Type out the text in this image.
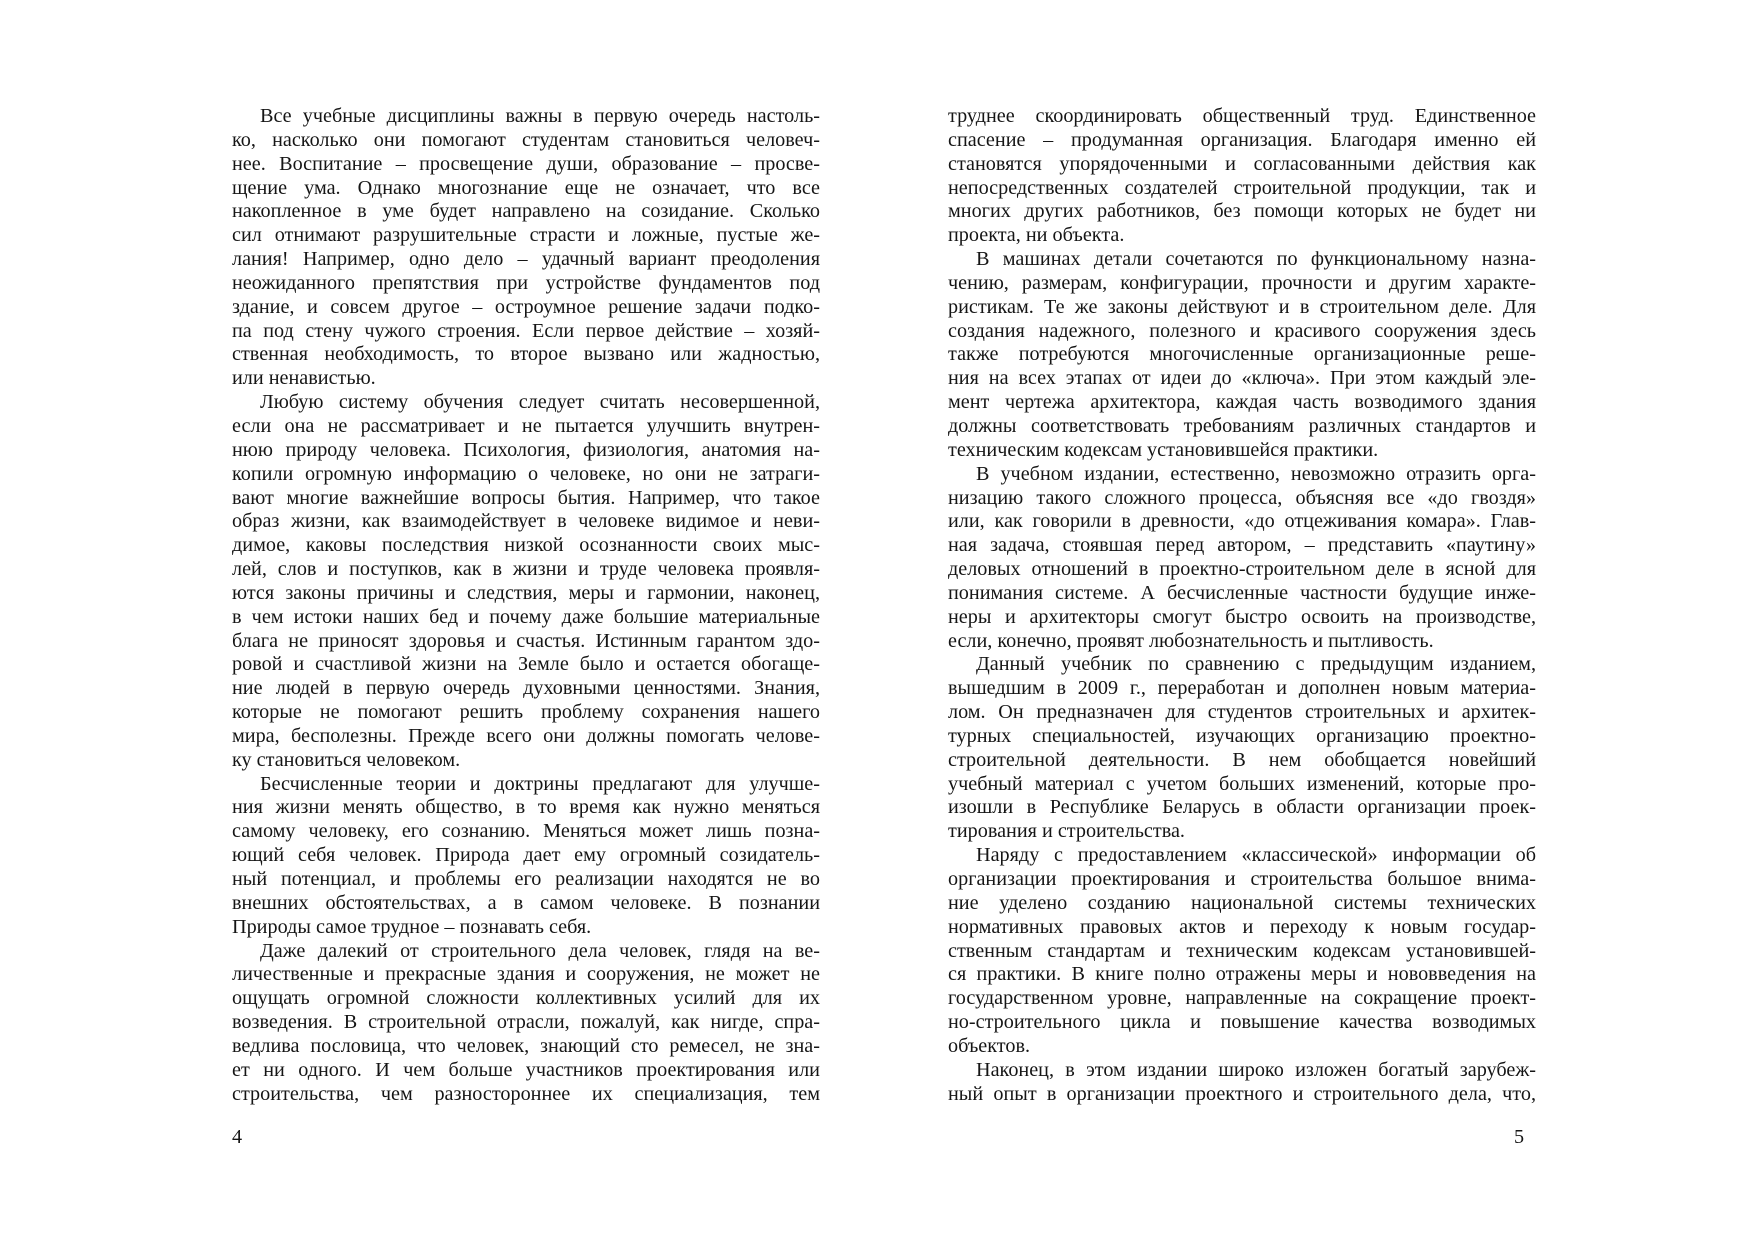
Все учебные дисциплины важны в первую очередь настоль-
ко, насколько они помогают студентам становиться человеч-
нее. Воспитание – просвещение души, образование – просве-
щение ума. Однако многознание еще не означает, что все
накопленное в уме будет направлено на созидание. Сколько
сил отнимают разрушительные страсти и ложные, пустые же-
лания! Например, одно дело – удачный вариант преодоления
неожиданного препятствия при устройстве фундаментов под
здание, и совсем другое – остроумное решение задачи подко-
па под стену чужого строения. Если первое действие – хозяй-
ственная необходимость, то второе вызвано или жадностью,
или ненавистью.
Любую систему обучения следует считать несовершенной,
если она не рассматривает и не пытается улучшить внутрен-
нюю природу человека. Психология, физиология, анатомия на-
копили огромную информацию о человеке, но они не затраги-
вают многие важнейшие вопросы бытия. Например, что такое
образ жизни, как взаимодействует в человеке видимое и неви-
димое, каковы последствия низкой осознанности своих мыс-
лей, слов и поступков, как в жизни и труде человека проявля-
ются законы причины и следствия, меры и гармонии, наконец,
в чем истоки наших бед и почему даже большие материальные
блага не приносят здоровья и счастья. Истинным гарантом здо-
ровой и счастливой жизни на Земле было и остается обогаще-
ние людей в первую очередь духовными ценностями. Знания,
которые не помогают решить проблему сохранения нашего
мира, бесполезны. Прежде всего они должны помогать челове-
ку становиться человеком.
Бесчисленные теории и доктрины предлагают для улучше-
ния жизни менять общество, в то время как нужно меняться
самому человеку, его сознанию. Меняться может лишь позна-
ющий себя человек. Природа дает ему огромный созидатель-
ный потенциал, и проблемы его реализации находятся не во
внешних обстоятельствах, а в самом человеке. В познании
Природы самое трудное – познавать себя.
Даже далекий от строительного дела человек, глядя на ве-
личественные и прекрасные здания и сооружения, не может не
ощущать огромной сложности коллективных усилий для их
возведения. В строительной отрасли, пожалуй, как нигде, спра-
ведлива пословица, что человек, знающий сто ремесел, не зна-
ет ни одного. И чем больше участников проектирования или
строительства, чем разностороннее их специализация, тем
4
труднее скоординировать общественный труд. Единственное
спасение – продуманная организация. Благодаря именно ей
становятся упорядоченными и согласованными действия как
непосредственных создателей строительной продукции, так и
многих других работников, без помощи которых не будет ни
проекта, ни объекта.
В машинах детали сочетаются по функциональному назна-
чению, размерам, конфигурации, прочности и другим характе-
ристикам. Те же законы действуют и в строительном деле. Для
создания надежного, полезного и красивого сооружения здесь
также потребуются многочисленные организационные реше-
ния на всех этапах от идеи до «ключа». При этом каждый эле-
мент чертежа архитектора, каждая часть возводимого здания
должны соответствовать требованиям различных стандартов и
техническим кодексам установившейся практики.
В учебном издании, естественно, невозможно отразить орга-
низацию такого сложного процесса, объясняя все «до гвоздя»
или, как говорили в древности, «до отцеживания комара». Глав-
ная задача, стоявшая перед автором, – представить «паутину»
деловых отношений в проектно-строительном деле в ясной для
понимания системе. А бесчисленные частности будущие инже-
неры и архитекторы смогут быстро освоить на производстве,
если, конечно, проявят любознательность и пытливость.
Данный учебник по сравнению с предыдущим изданием,
вышедшим в 2009 г., переработан и дополнен новым материа-
лом. Он предназначен для студентов строительных и архитек-
турных специальностей, изучающих организацию проектно-
строительной деятельности. В нем обобщается новейший
учебный материал с учетом больших изменений, которые про-
изошли в Республике Беларусь в области организации проек-
тирования и строительства.
Наряду с предоставлением «классической» информации об
организации проектирования и строительства большое внима-
ние уделено созданию национальной системы технических
нормативных правовых актов и переходу к новым государ-
ственным стандартам и техническим кодексам установившей-
ся практики. В книге полно отражены меры и нововведения на
государственном уровне, направленные на сокращение проект-
но-строительного цикла и повышение качества возводимых
объектов.
Наконец, в этом издании широко изложен богатый зарубеж-
ный опыт в организации проектного и строительного дела, что,
5
